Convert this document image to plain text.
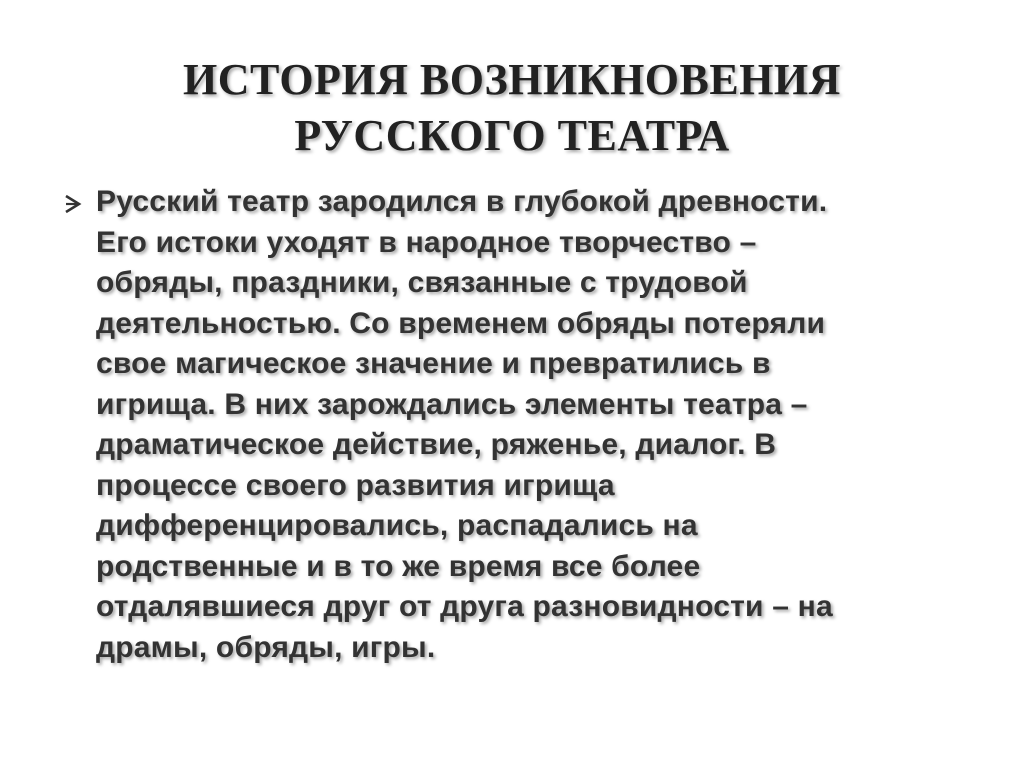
ИСТОРИЯ ВОЗНИКНОВЕНИЯ
РУССКОГО ТЕАТРА

Русский театр зародился в глубокой древности.
Его истоки уходят в народное творчество –
обряды, праздники, связанные с трудовой
деятельностью. Со временем обряды потеряли
свое магическое значение и превратились в
игрища. В них зарождались элементы театра –
драматическое действие, ряженье, диалог. В
процессе своего развития игрища
дифференцировались, распадались на
родственные и в то же время все более
отдалявшиеся друг от друга разновидности – на
драмы, обряды, игры.
